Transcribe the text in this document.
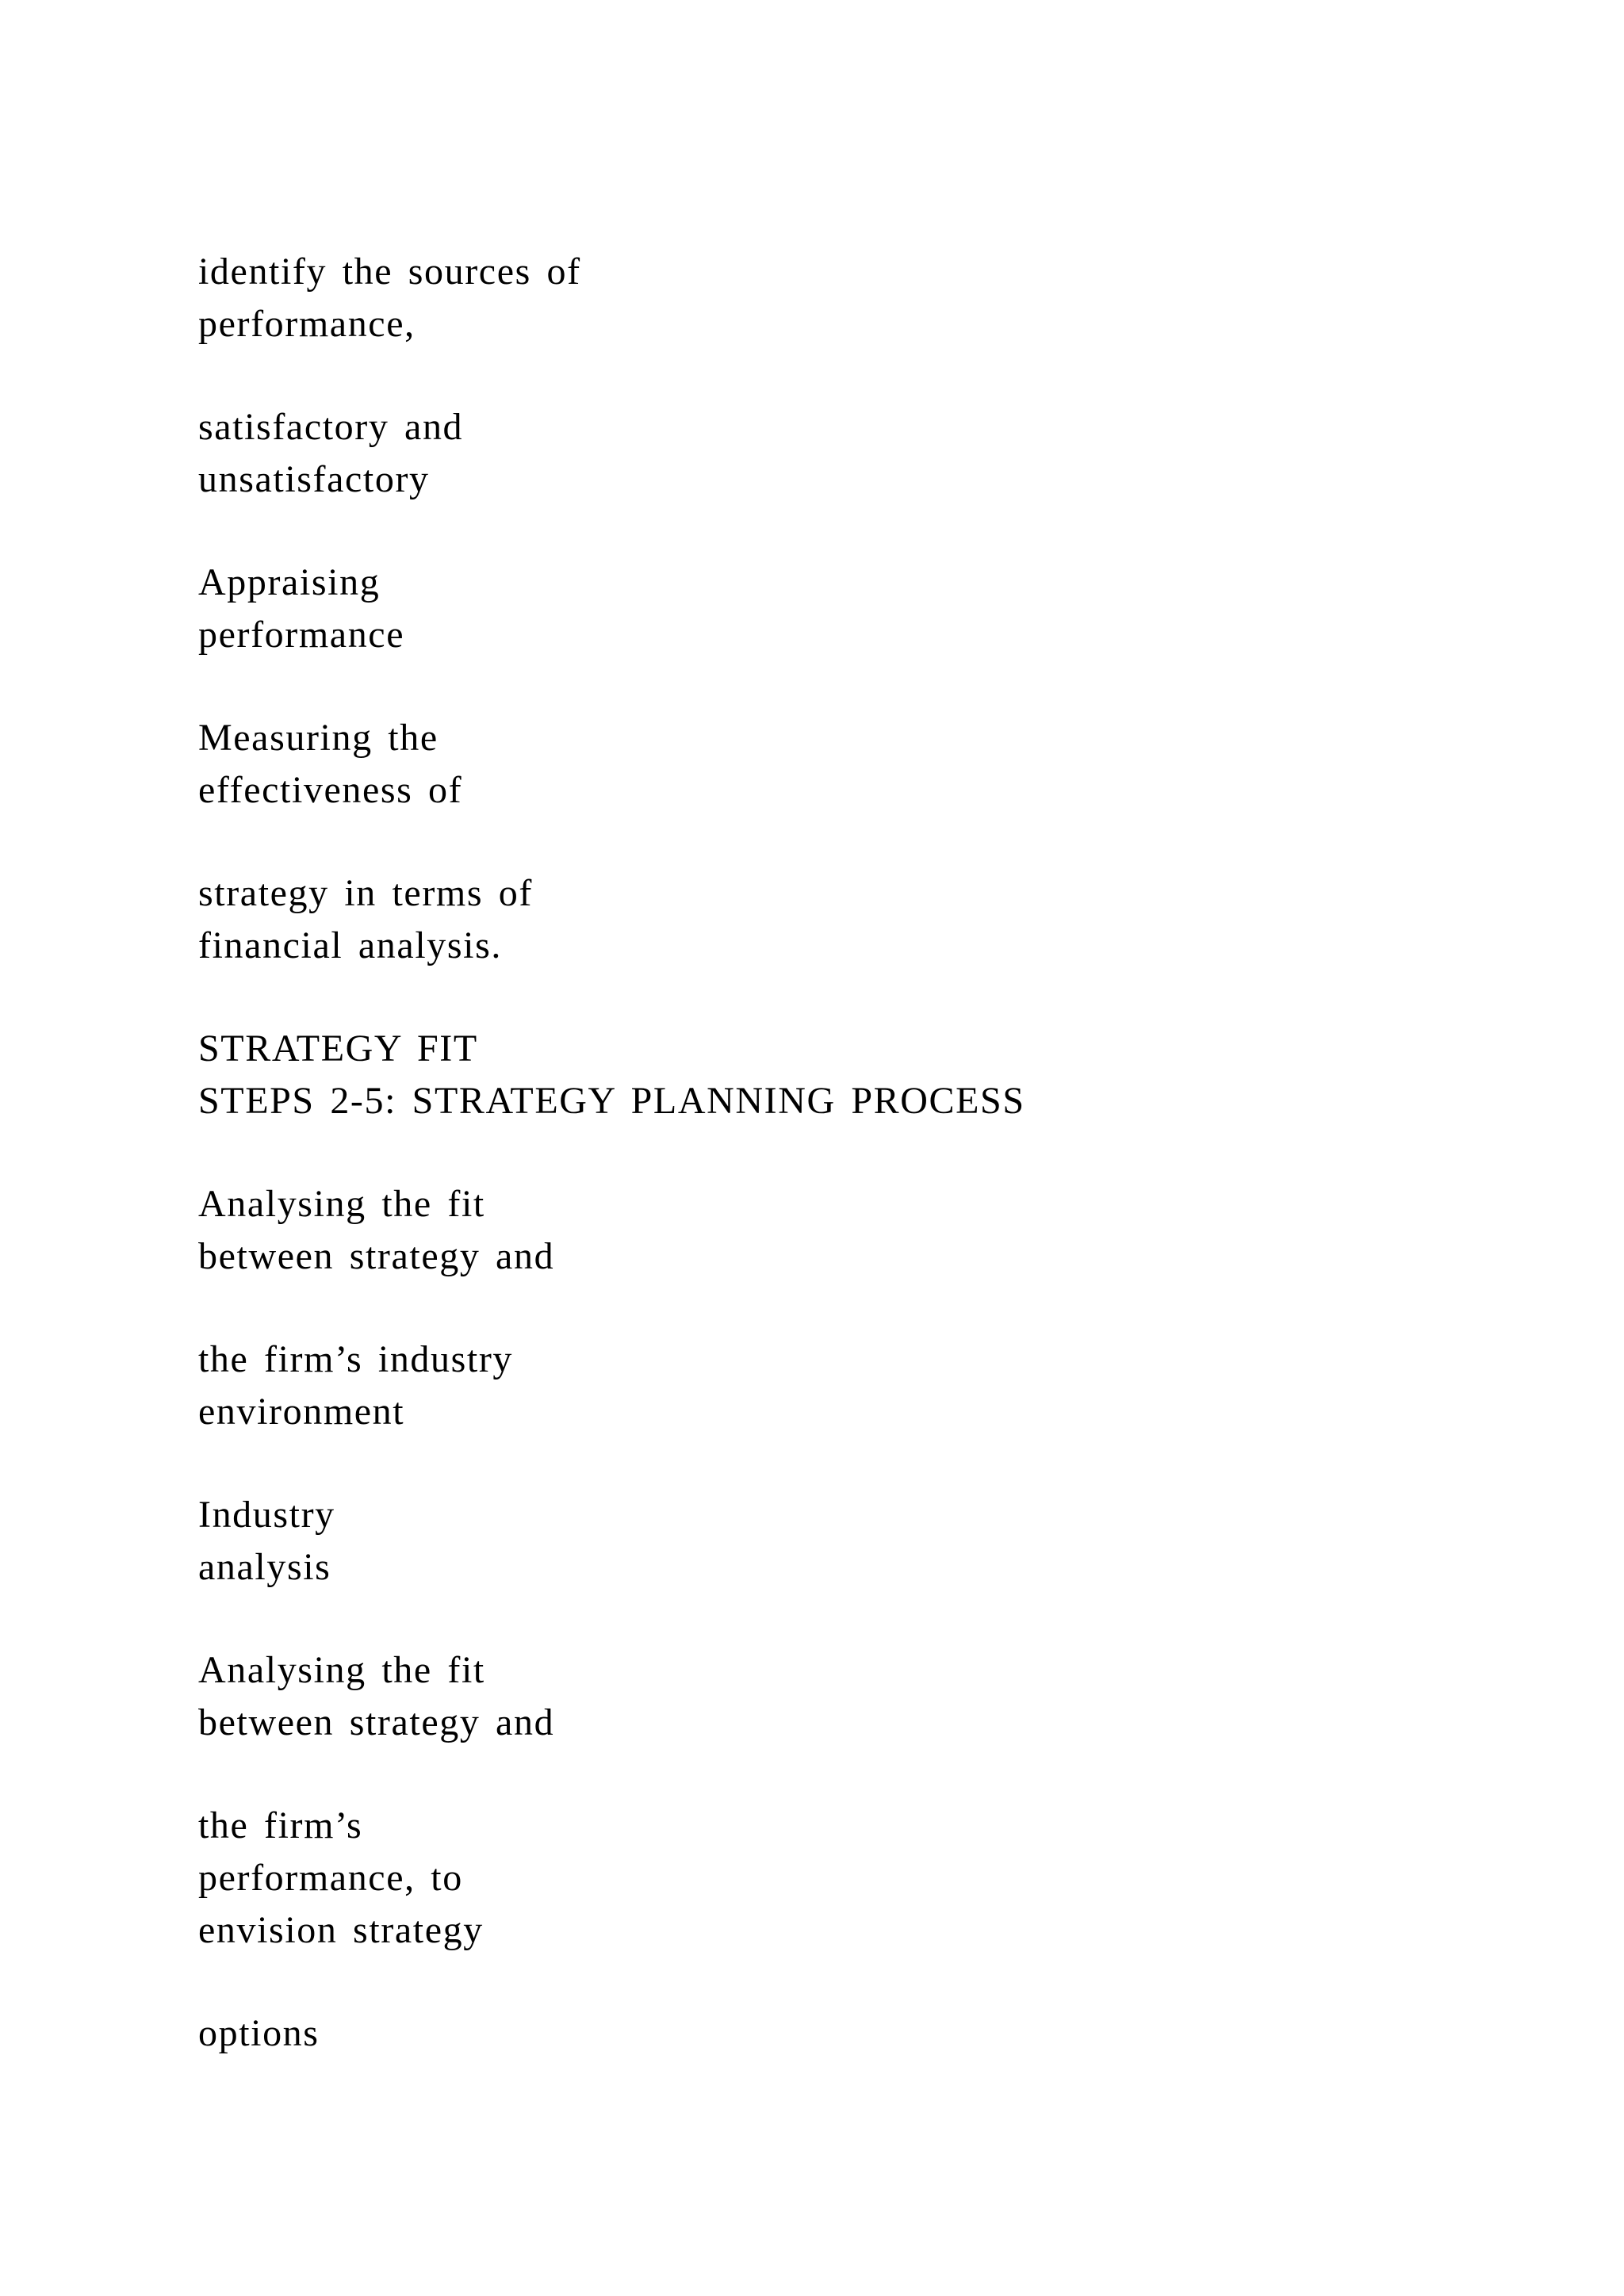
identify the sources of
performance,

satisfactory and
unsatisfactory

Appraising
performance

Measuring the
effectiveness of

strategy in terms of
financial analysis.

STRATEGY FIT
STEPS 2-5: STRATEGY PLANNING PROCESS

Analysing the fit
between strategy and

the firm’s industry
environment

Industry
analysis

Analysing the fit
between strategy and

the firm’s
performance, to
envision strategy

options
